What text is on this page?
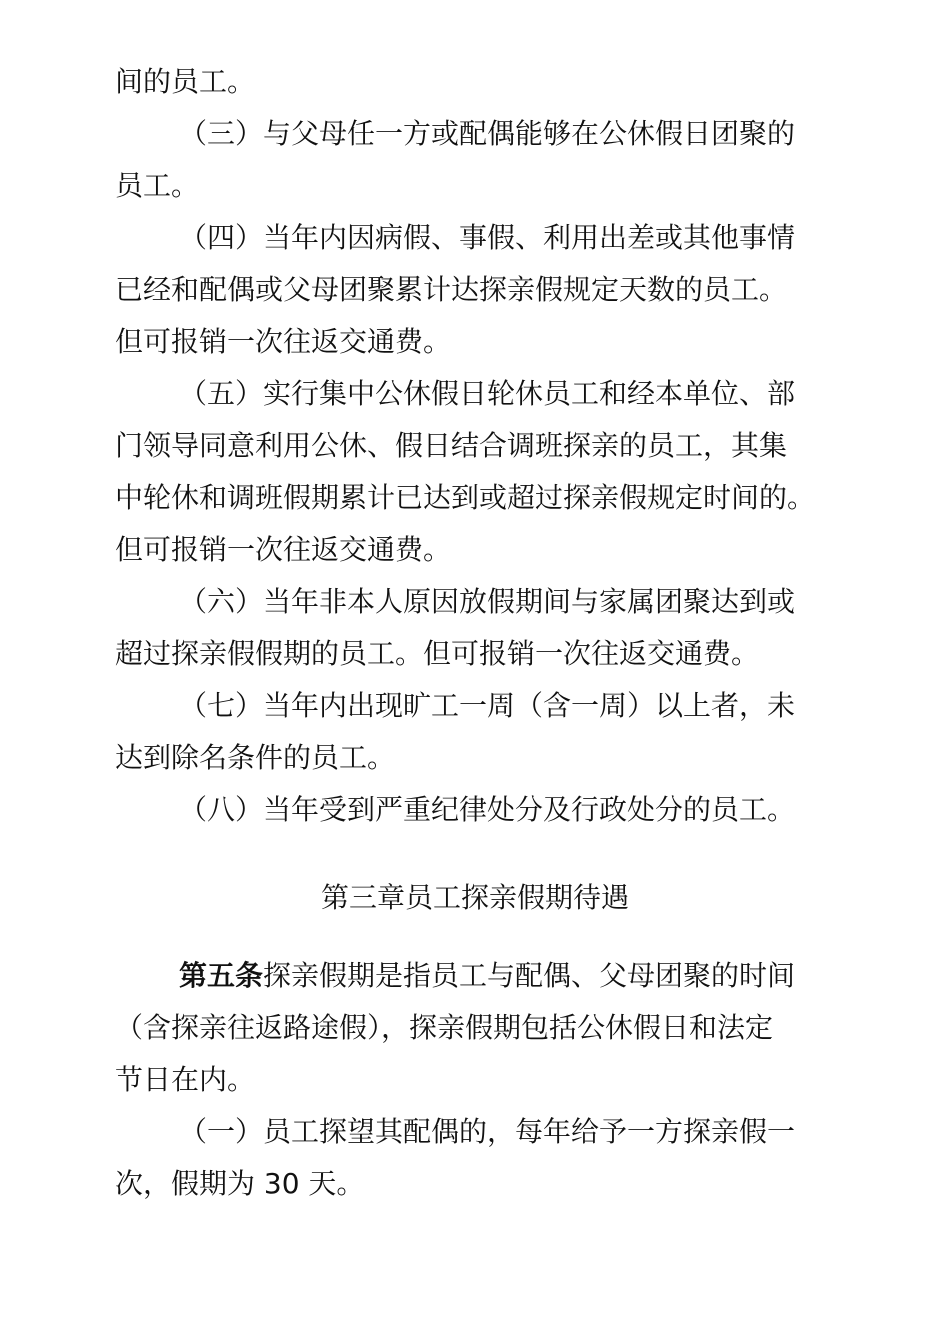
间的员工。

（三）与父母任一方或配偶能够在公休假日团聚的

员工。

（四）当年内因病假、事假、利用出差或其他事情

已经和配偶或父母团聚累计达探亲假规定天数的员工。

但可报销一次往返交通费。

（五）实行集中公休假日轮休员工和经本单位、部

门领导同意利用公休、假日结合调班探亲的员工，其集

中轮休和调班假期累计已达到或超过探亲假规定时间的。

但可报销一次往返交通费。

（六）当年非本人原因放假期间与家属团聚达到或

超过探亲假假期的员工。但可报销一次往返交通费。

（七）当年内出现旷工一周（含一周）以上者，未

达到除名条件的员工。

（八）当年受到严重纪律处分及行政处分的员工。

第三章员工探亲假期待遇

第五条探亲假期是指员工与配偶、父母团聚的时间

（含探亲往返路途假），探亲假期包括公休假日和法定

节日在内。

（一）员工探望其配偶的，每年给予一方探亲假一

次，假期为 30 天。
